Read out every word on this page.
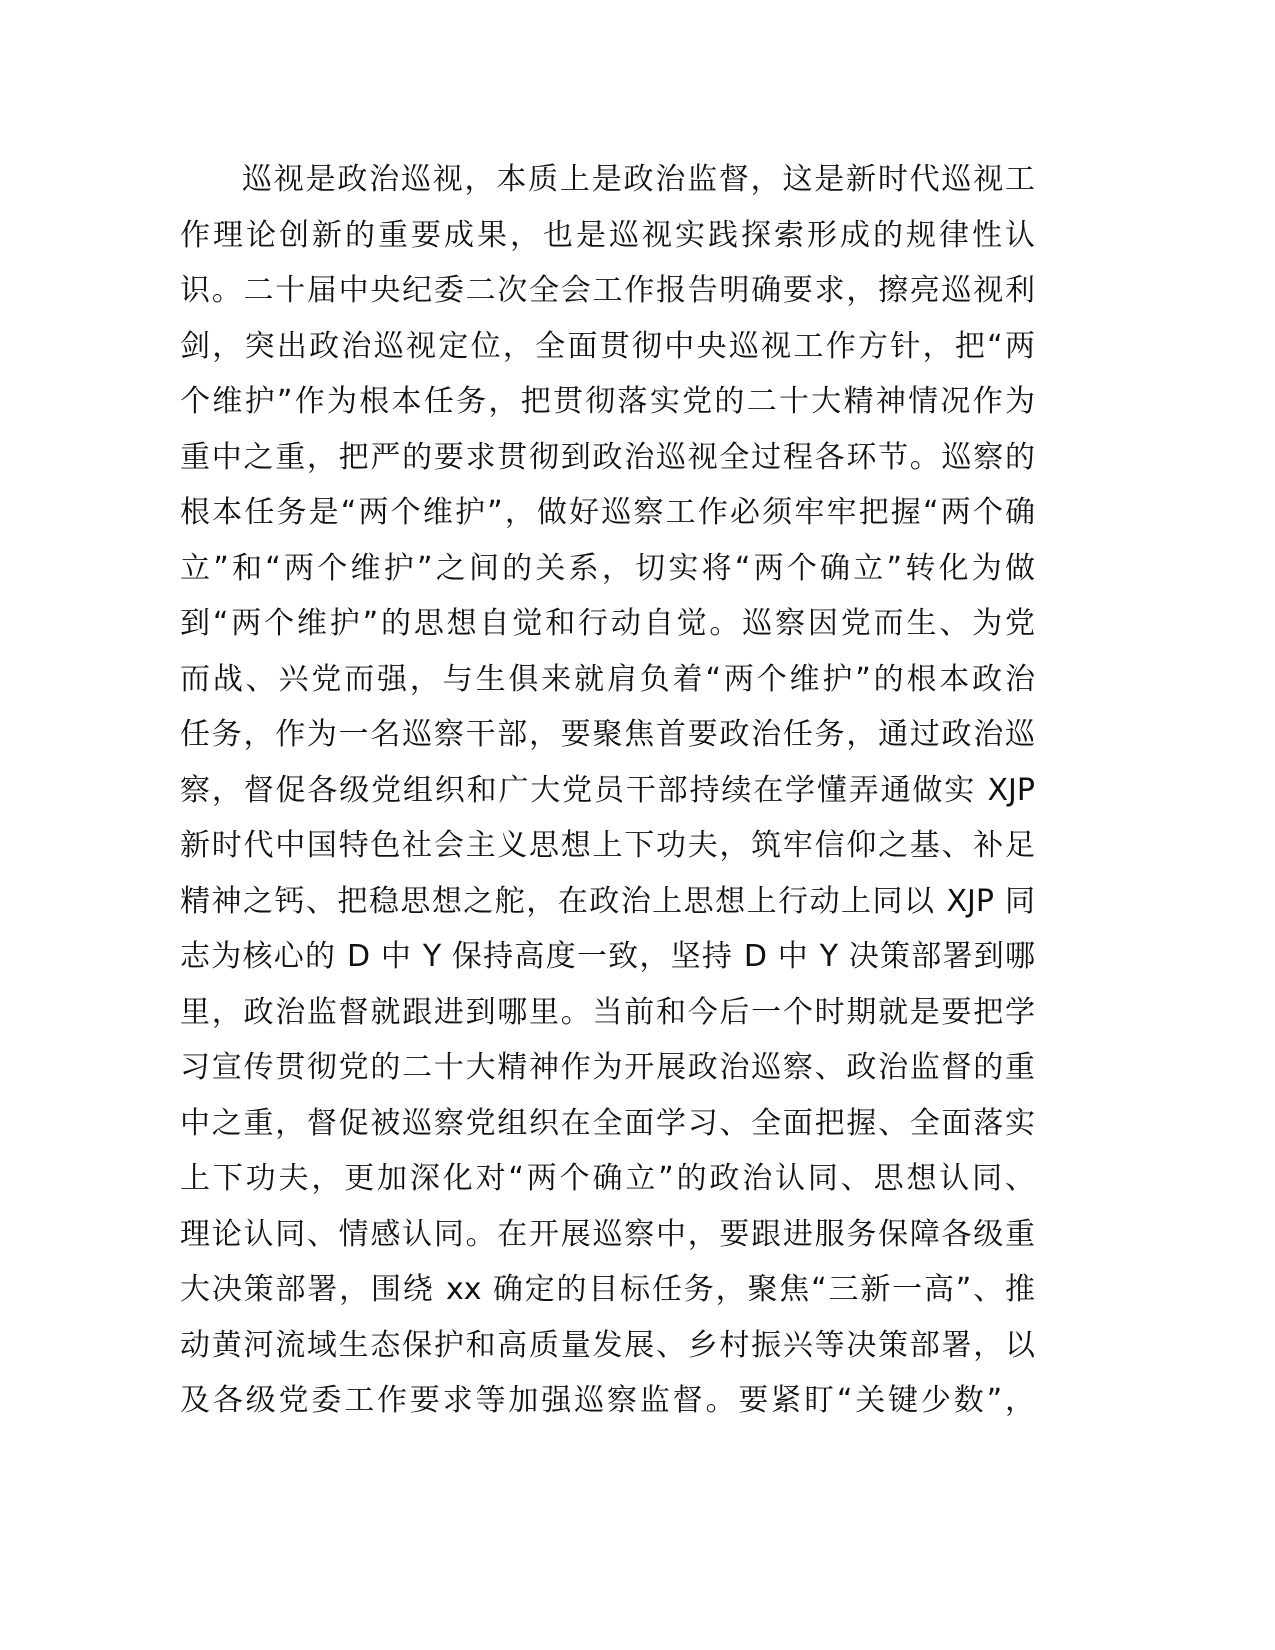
巡视是政治巡视，本质上是政治监督，这是新时代巡视工
作理论创新的重要成果，也是巡视实践探索形成的规律性认
识。二十届中央纪委二次全会工作报告明确要求，擦亮巡视利
剑，突出政治巡视定位，全面贯彻中央巡视工作方针，把“两
个维护”作为根本任务，把贯彻落实党的二十大精神情况作为
重中之重，把严的要求贯彻到政治巡视全过程各环节。巡察的
根本任务是“两个维护”，做好巡察工作必须牢牢把握“两个确
立”和“两个维护”之间的关系，切实将“两个确立”转化为做
到“两个维护”的思想自觉和行动自觉。巡察因党而生、为党
而战、兴党而强，与生俱来就肩负着“两个维护”的根本政治
任务，作为一名巡察干部，要聚焦首要政治任务，通过政治巡
察，督促各级党组织和广大党员干部持续在学懂弄通做实 XJP
新时代中国特色社会主义思想上下功夫，筑牢信仰之基、补足
精神之钙、把稳思想之舵，在政治上思想上行动上同以 XJP 同
志为核心的 D 中 Y 保持高度一致，坚持 D 中 Y 决策部署到哪
里，政治监督就跟进到哪里。当前和今后一个时期就是要把学
习宣传贯彻党的二十大精神作为开展政治巡察、政治监督的重
中之重，督促被巡察党组织在全面学习、全面把握、全面落实
上下功夫，更加深化对“两个确立”的政治认同、思想认同、
理论认同、情感认同。在开展巡察中，要跟进服务保障各级重
大决策部署，围绕 xx 确定的目标任务，聚焦“三新一高”、推
动黄河流域生态保护和高质量发展、乡村振兴等决策部署，以
及各级党委工作要求等加强巡察监督。要紧盯“关键少数”，
